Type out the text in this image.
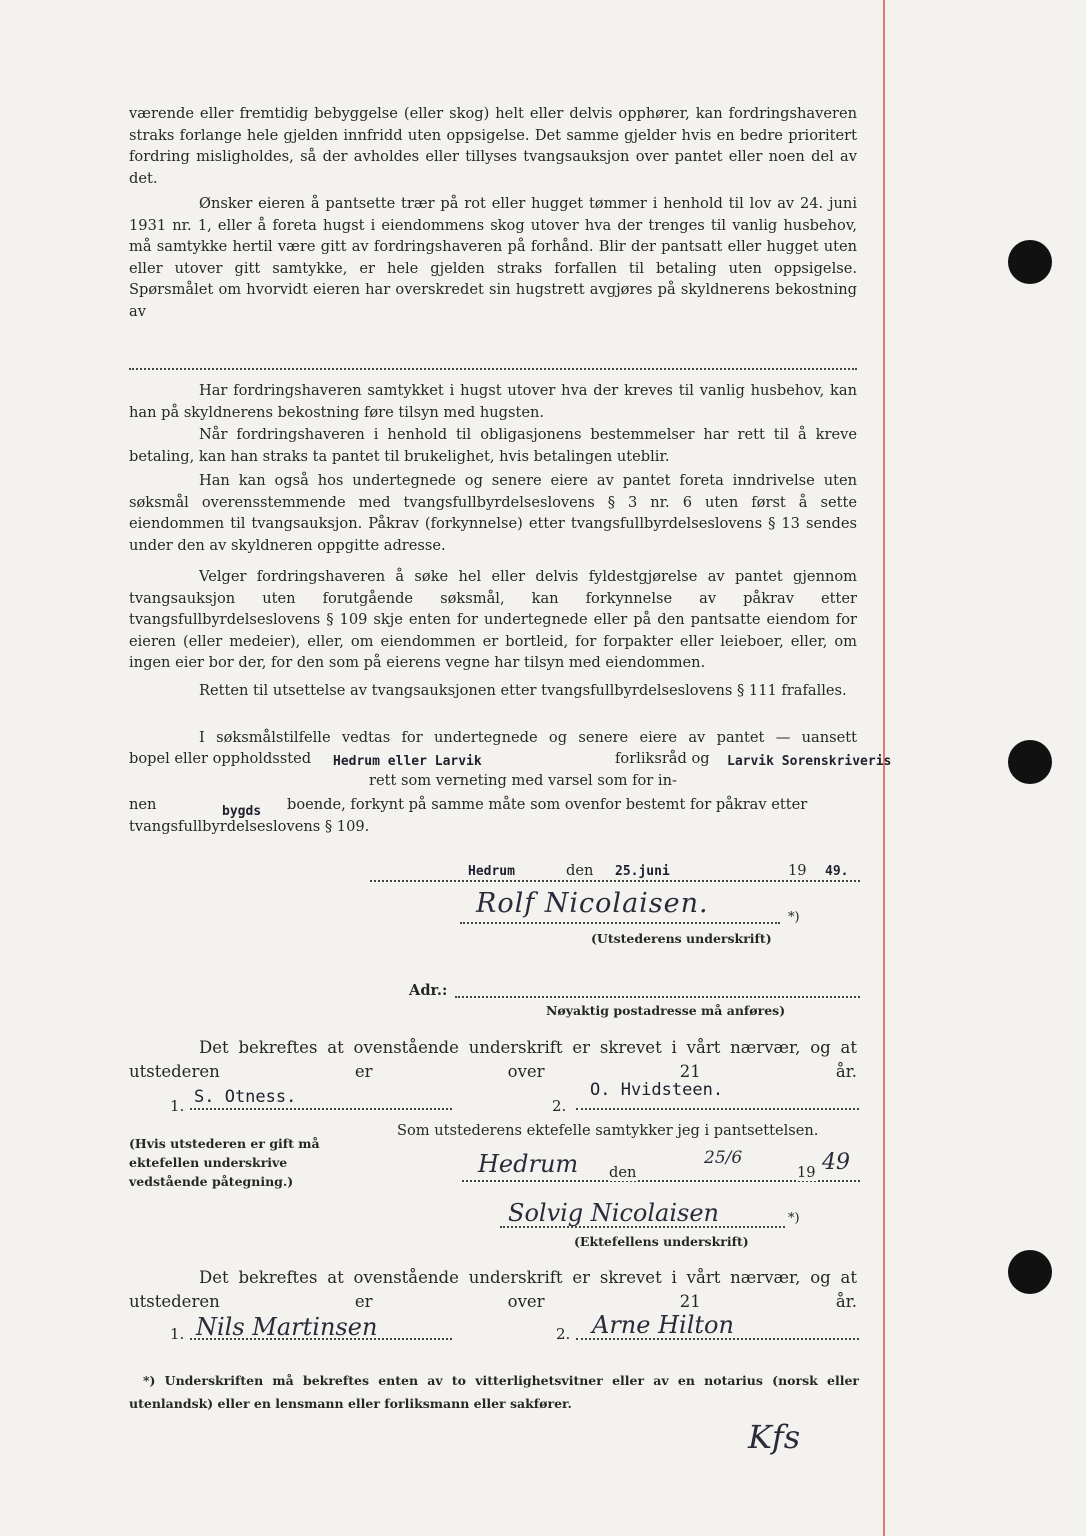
værende eller fremtidig bebyggelse (eller skog) helt eller delvis opphører, kan fordringshaveren straks forlange hele gjelden innfridd uten oppsigelse. Det samme gjelder hvis en bedre prioritert fordring misligholdes, så der avholdes eller tillyses tvangsauksjon over pantet eller noen del av det.

Ønsker eieren å pantsette trær på rot eller hugget tømmer i henhold til lov av 24. juni 1931 nr. 1, eller å foreta hugst i eiendommens skog utover hva der trenges til vanlig husbehov, må samtykke hertil være gitt av fordringshaveren på forhånd. Blir der pantsatt eller hugget uten eller utover gitt samtykke, er hele gjelden straks forfallen til betaling uten oppsigelse. Spørsmålet om hvorvidt eieren har overskredet sin hugstrett avgjøres på skyldnerens bekostning av

Har fordringshaveren samtykket i hugst utover hva der kreves til vanlig husbehov, kan han på skyldnerens bekostning føre tilsyn med hugsten.

Når fordringshaveren i henhold til obligasjonens bestemmelser har rett til å kreve betaling, kan han straks ta pantet til brukelighet, hvis betalingen uteblir.

Han kan også hos undertegnede og senere eiere av pantet foreta inndrivelse uten søksmål overensstemmende med tvangsfullbyrdelseslovens § 3 nr. 6 uten først å sette eiendommen til tvangsauksjon. Påkrav (forkynnelse) etter tvangsfullbyrdelseslovens § 13 sendes under den av skyldneren oppgitte adresse.

Velger fordringshaveren å søke hel eller delvis fyldestgjørelse av pantet gjennom tvangsauksjon uten forutgående søksmål, kan forkynnelse av påkrav etter tvangsfullbyrdelseslovens § 109 skje enten for undertegnede eller på den pantsatte eiendom for eieren (eller medeier), eller, om eiendommen er bortleid, for forpakter eller leieboer, eller, om ingen eier bor der, for den som på eierens vegne har tilsyn med eiendommen.

Retten til utsettelse av tvangsauksjonen etter tvangsfullbyrdelseslovens § 111 frafalles.

I søksmålstilfelle vedtas for undertegnede og senere eiere av pantet — uansett

bopel eller oppholdssted Hedrum eller Larvik	forliksråd og Larvik Sorenskriveris
rett som verneting med varsel som for in-
nen	bygds boende, forkynt på samme måte som ovenfor bestemt for påkrav etter
tvangsfullbyrdelseslovens § 109.
Hedrum	den 25.juni	19 49.
Rolf Nicolaisen.	*)
(Utstederens underskrift)
Adr.:
Nøyaktig postadresse må anføres)

Det bekreftes at ovenstående underskrift er skrevet i vårt nærvær, og at utstederen er over 21 år.

1. S. Otness.	2.
O. Hvidsteen.

(Hvis utstederen er gift må ektefellen underskrive vedstående påtegning.)

Som utstederens ektefelle samtykker jeg i pantsettelsen.
Hedrum den
25/6
19 49
Solvig Nicolaisen	*)
(Ektefellens underskrift)

Det bekreftes at ovenstående underskrift er skrevet i vårt nærvær, og at utstederen er over 21 år.

1. Nils Martinsen	2. Arne Hilton

*) Underskriften må bekreftes enten av to vitterlighetsvitner eller av en notarius (norsk eller utenlandsk) eller en lensmann eller forliksmann eller sakfører.

Kfs
